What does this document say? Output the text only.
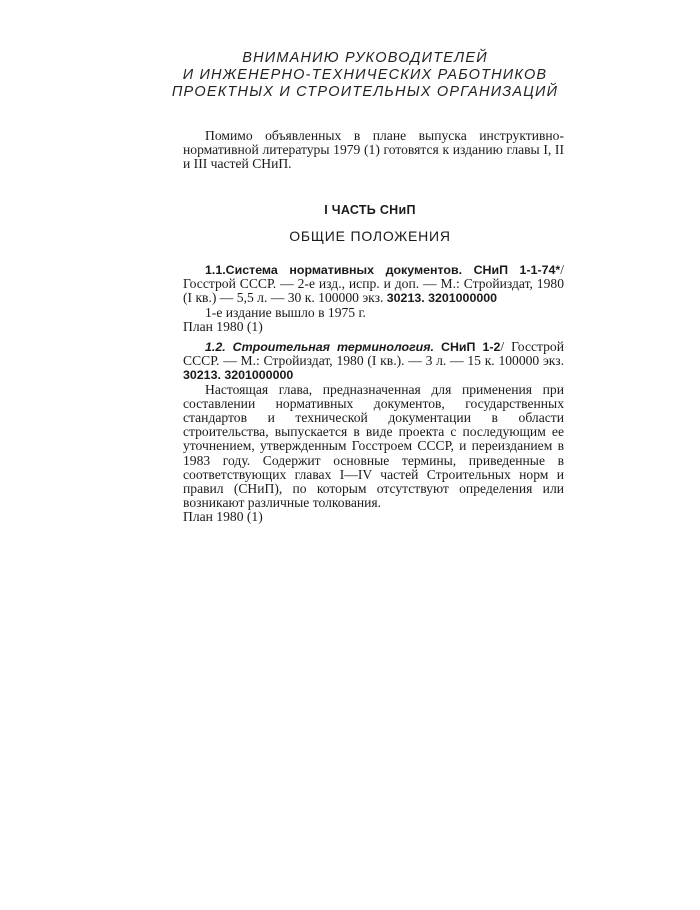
ВНИМАНИЮ РУКОВОДИТЕЛЕЙ
И ИНЖЕНЕРНО-ТЕХНИЧЕСКИХ РАБОТНИКОВ
ПРОЕКТНЫХ И СТРОИТЕЛЬНЫХ ОРГАНИЗАЦИЙ
Помимо объявленных в плане выпуска инструктивно-нормативной литературы 1979 (1) готовятся к изданию главы I, II и III частей СНиП.
I ЧАСТЬ СНиП
ОБЩИЕ ПОЛОЖЕНИЯ
1.1.Система нормативных документов. СНиП 1-1-74*/Госстрой СССР. — 2-е изд., испр. и доп. — М.: Стройиздат, 1980 (I кв.) — 5,5 л. — 30 к. 100000 экз. 30213. 3201000000
1-е издание вышло в 1975 г.
План 1980 (1)
1.2. Строительная терминология. СНиП 1-2/ Госстрой СССР. — М.: Стройиздат, 1980 (I кв.). — 3 л. — 15 к. 100000 экз. 30213. 3201000000
Настоящая глава, предназначенная для применения при составлении нормативных документов, государственных стандартов и технической документации в области строительства, выпускается в виде проекта с последующим ее уточнением, утвержденным Госстроем СССР, и переизданием в 1983 году. Содержит основные термины, приведенные в соответствующих главах I—IV частей Строительных норм и правил (СНиП), по которым отсутствуют определения или возникают различные толкования.
План 1980 (1)
